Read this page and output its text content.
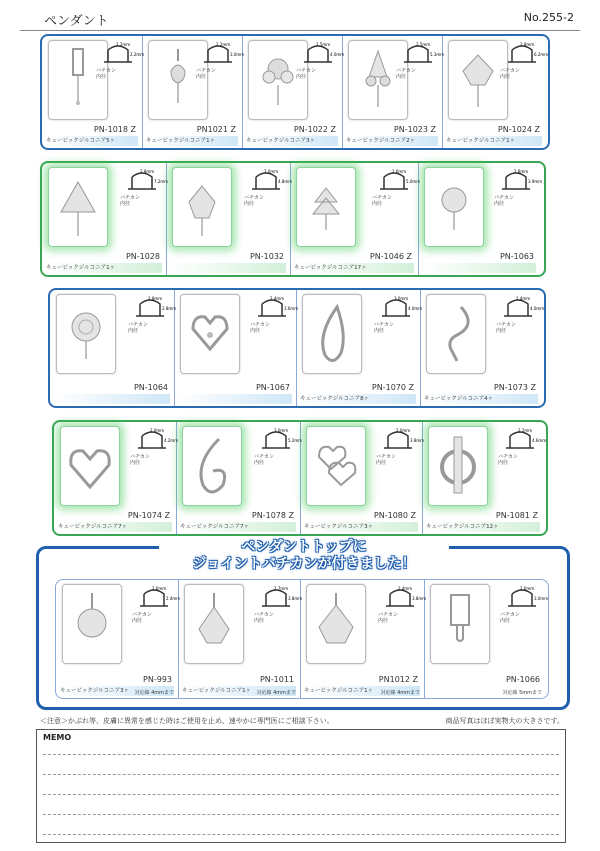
ペンダント	No.255-2
2.2mm
2.2mm
バチカン
内径
PN-1018 Z
キュービックジルコニア5ヶ
2.2mm
3.0mm
バチカン
内径
PN1021 Z
キュービックジルコニア1ヶ
2.5mm
4.0mm
バチカン
内径
PN-1022 Z
キュービックジルコニア3ヶ
2.5mm
5.3mm
バチカン
内径
PN-1023 Z
キュービックジルコニア2ヶ
2.8mm
6.2mm
バチカン
内径
PN-1024 Z
キュービックジルコニア1ヶ
2.8mm
7.2mm
バチカン
内径
PN-1028
キュービックジルコニア1ヶ
3.0mm
4.8mm
バチカン
内径
PN-1032
2.6mm
5.0mm
バチカン
内径
PN-1046 Z
キュービックジルコニア17ヶ
2.8mm
3.9mm
バチカン
内径
PN-1063
2.8mm
2.8mm
バチカン
内径
PN-1064
2.4mm
3.6mm
バチカン
内径
PN-1067
3.0mm
4.0mm
バチカン
内径
PN-1070 Z
キュービックジルコニア8ヶ
2.4mm
4.0mm
バチカン
内径
PN-1073 Z
キュービックジルコニア4ヶ
2.0mm
4.2mm
バチカン
内径
PN-1074 Z
キュービックジルコニア7ヶ
3.0mm
5.2mm
バチカン
内径
PN-1078 Z
キュービックジルコニア7ヶ
2.0mm
3.8mm
バチカン
内径
PN-1080 Z
キュービックジルコニア3ヶ
2.2mm
4.6mm
バチカン
内径
PN-1081 Z
キュービックジルコニア12ヶ
ペンダントトップに
ジョイントバチカンが付きました！
2.6mm
2.4mm
バチカン
内径
PN-993
キュービックジルコニア3ヶ	対応線 4mmまで
2.7mm
3.8mm
バチカン
内径
PN-1011
キュービックジルコニア1ヶ	対応線 4mmまで
2.4mm
3.8mm
バチカン
内径
PN1012 Z
キュービックジルコニア1ヶ	対応線 4mmまで
2.6mm
3.0mm
バチカン
内径
PN-1066
対応線 5mmまで
＜注意＞かぶれ等、皮膚に異常を感じた時はご使用を止め、速やかに専門医にご相談下さい。	商品写真はほぼ実物大の大きさです。
MEMO
